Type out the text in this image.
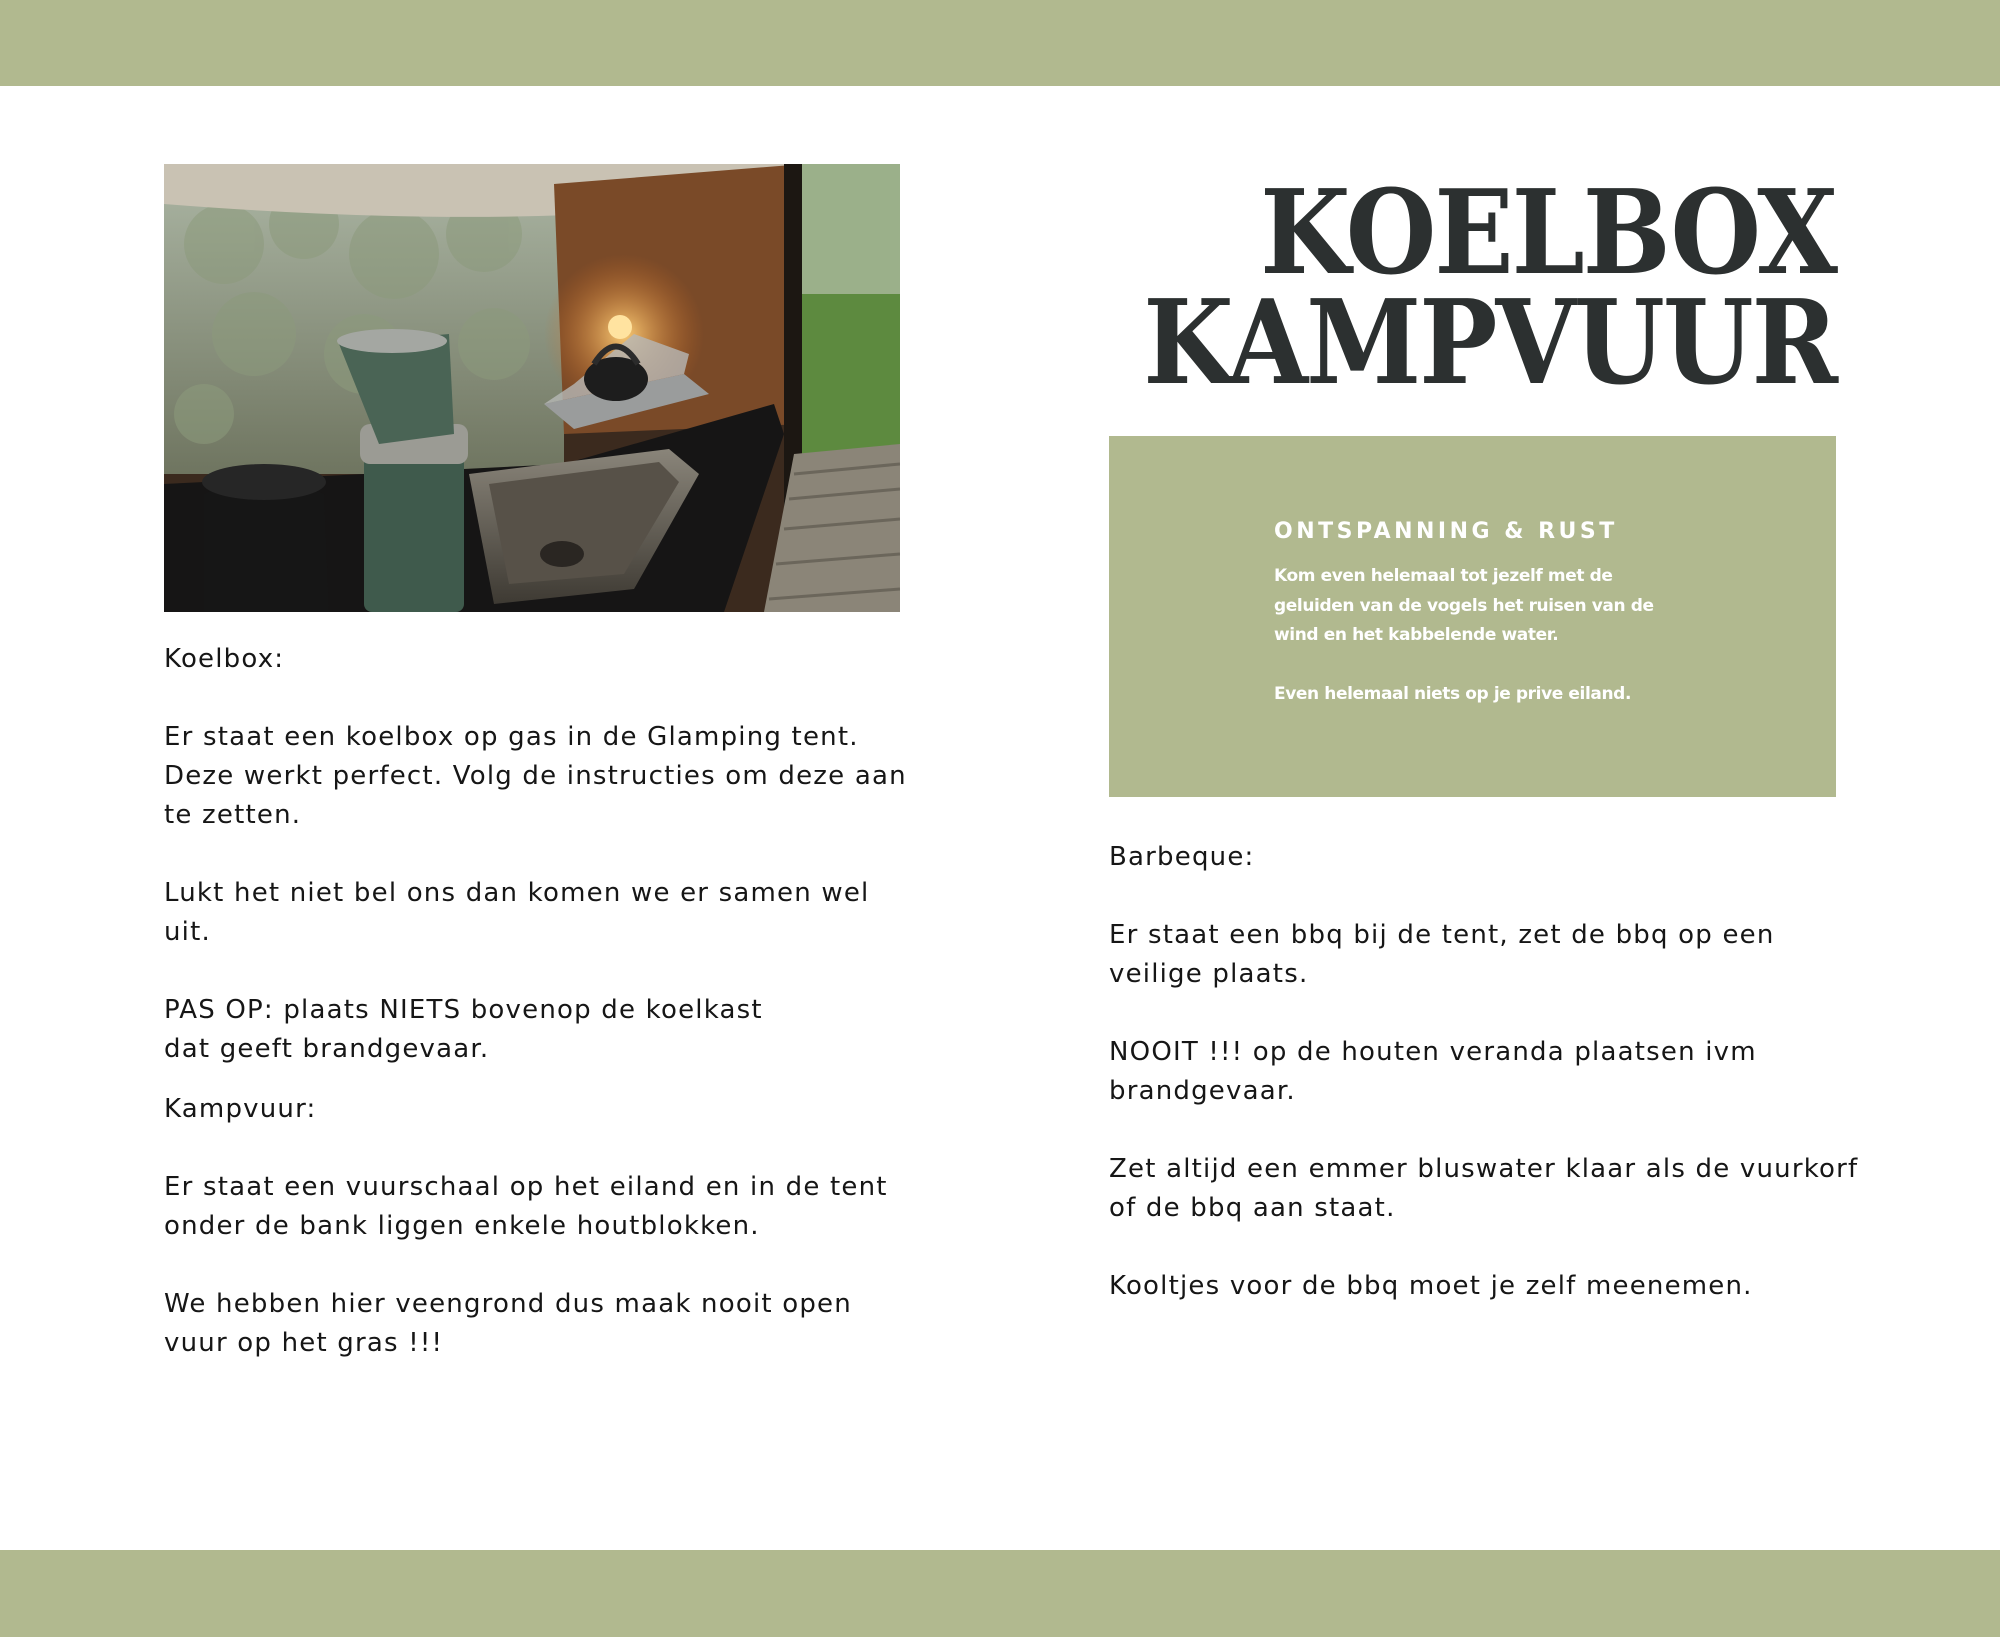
KOELBOX
KAMPVUUR
ONTSPANNING & RUST
Kom even helemaal tot jezelf met de geluiden van de vogels het ruisen van de wind en het kabbelende water.

Even helemaal niets op je prive eiland.
Koelbox:

Er staat een koelbox op gas in de Glamping tent.
Deze werkt perfect. Volg de instructies om deze aan te zetten.

Lukt het niet bel ons dan komen we er samen wel uit.

PAS OP: plaats NIETS bovenop de koelkast
dat geeft brandgevaar.
Kampvuur:

Er staat een vuurschaal op het eiland en in de tent onder de bank liggen enkele houtblokken.

We hebben hier veengrond dus maak nooit open vuur op het gras !!!
Barbeque:

Er staat een bbq bij de tent, zet de bbq op een veilige plaats.

NOOIT !!! op de houten veranda plaatsen ivm brandgevaar.

Zet altijd een emmer bluswater klaar als de vuurkorf of de bbq aan staat.

Kooltjes voor de bbq moet je zelf meenemen.
